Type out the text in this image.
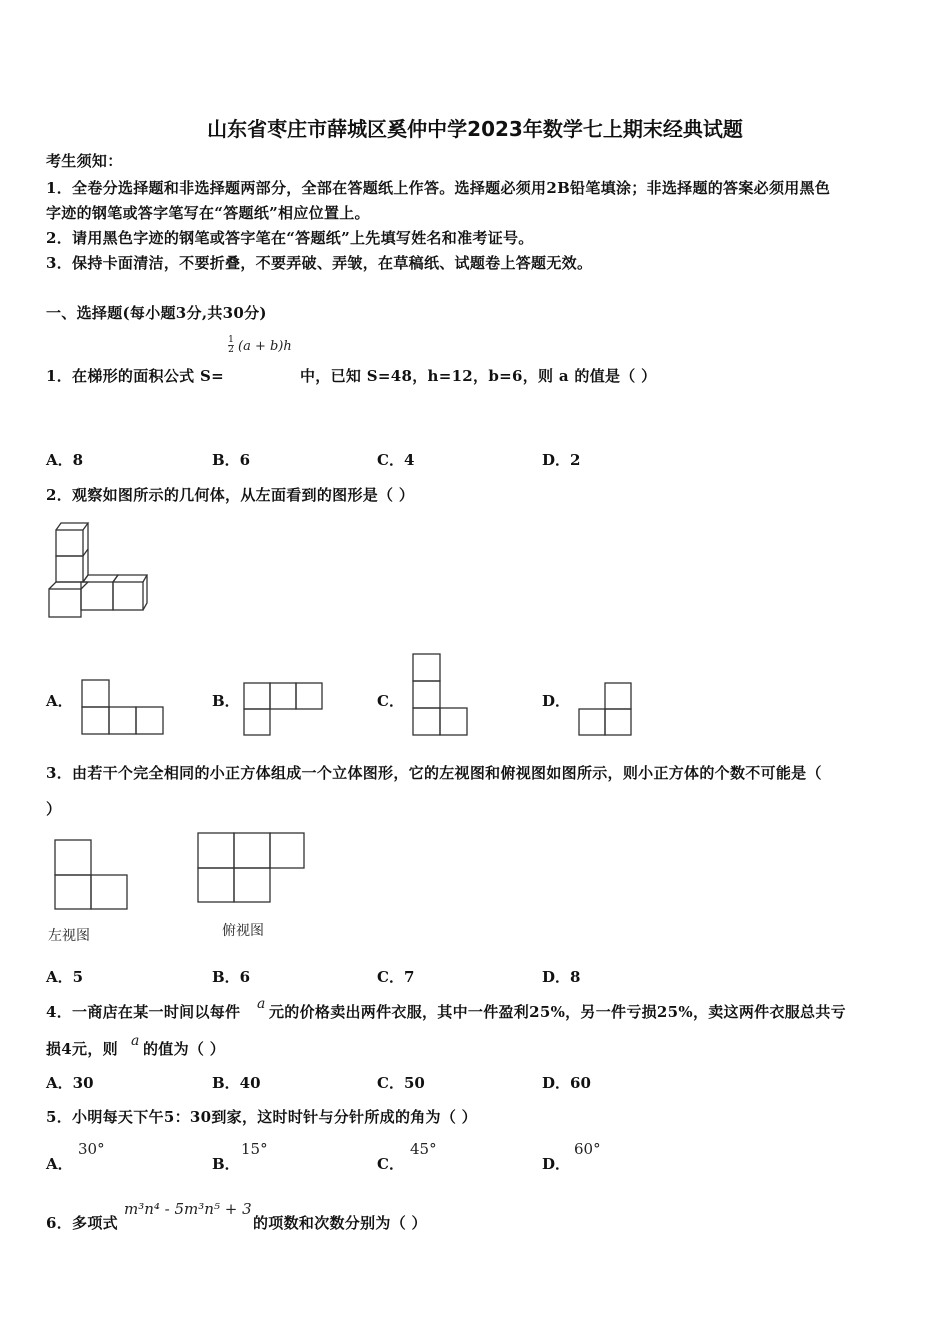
山东省枣庄市薛城区奚仲中学2023年数学七上期末经典试题
考生须知：
1．全卷分选择题和非选择题两部分，全部在答题纸上作答。选择题必须用2B铅笔填涂；非选择题的答案必须用黑色
字迹的钢笔或答字笔写在“答题纸”相应位置上。
2．请用黑色字迹的钢笔或答字笔在“答题纸”上先填写姓名和准考证号。
3．保持卡面清洁，不要折叠，不要弄破、弄皱，在草稿纸、试题卷上答题无效。
一、选择题(每小题3分,共30分)
1．在梯形的面积公式 S=
1
2 (a + b)h
中，已知 S=48，h=12，b=6，则 a 的值是（ ）
A．8	B．6	C．4	D．2
2．观察如图所示的几何体，从左面看到的图形是（ ）
A．	B．	C．	D．
3．由若干个完全相同的小正方体组成一个立体图形，它的左视图和俯视图如图所示，则小正方体的个数不可能是（
）
左视图	俯视图
A．5	B．6	C．7	D．8
4．一商店在某一时间以每件 a 元的价格卖出两件衣服，其中一件盈利25%，另一件亏损25%，卖这两件衣服总共亏
损4元，则 a 的值为（ ）
A．30	B．40	C．50	D．60
5．小明每天下午5：30到家，这时时针与分针所成的角为（ ）
A．
30°
B．
15°
C．
45°
D．
60°
6．多项式
m³n⁴ - 5m³n⁵ + 3
的项数和次数分别为（ ）
